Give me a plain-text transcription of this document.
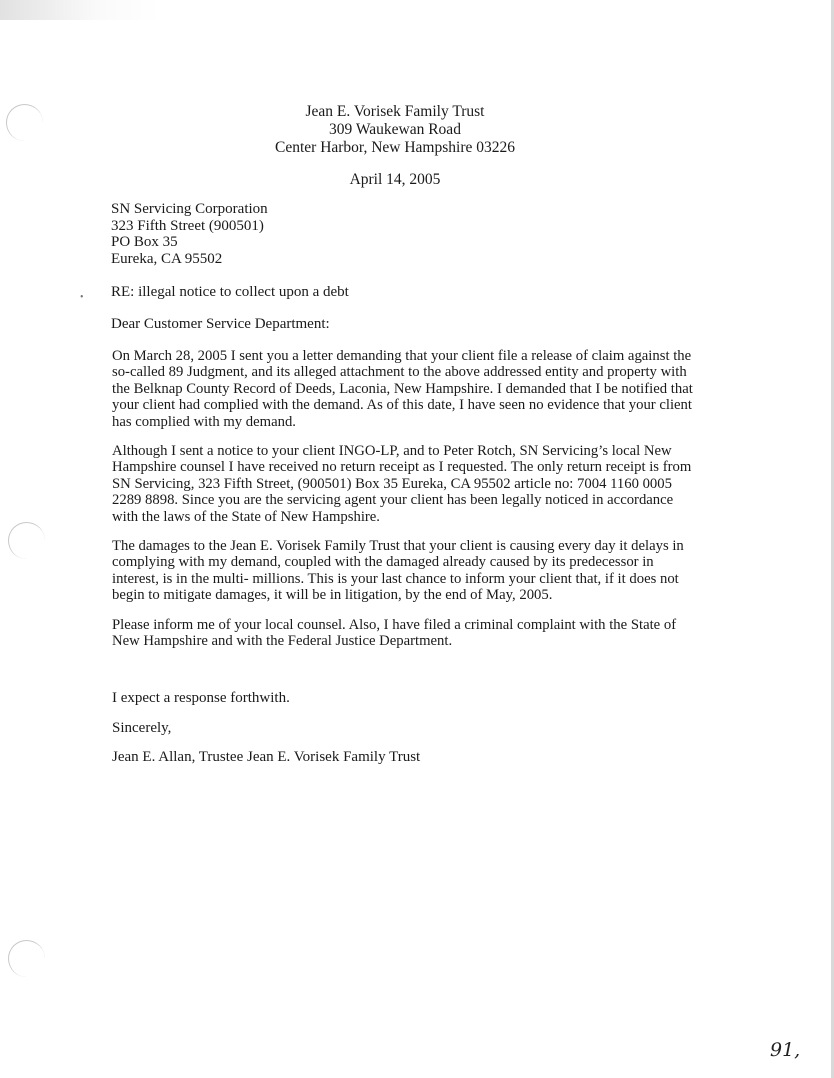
Jean E. Vorisek Family Trust
309 Waukewan Road
Center Harbor, New Hampshire 03226
April 14, 2005
SN Servicing Corporation
323 Fifth Street (900501)
PO Box 35
Eureka, CA 95502
• RE: illegal notice to collect upon a debt
Dear Customer Service Department:

On March 28, 2005 I sent you a letter demanding that your client file a release of claim against the so-called 89 Judgment, and its alleged attachment to the above addressed entity and property with the Belknap County Record of Deeds, Laconia, New Hampshire. I demanded that I be notified that your client had complied with the demand. As of this date, I have seen no evidence that your client has complied with my demand.

Although I sent a notice to your client INGO-LP, and to Peter Rotch, SN Servicing’s local New Hampshire counsel I have received no return receipt as I requested. The only return receipt is from SN Servicing, 323 Fifth Street, (900501) Box 35 Eureka, CA 95502 article no: 7004 1160 0005 2289 8898. Since you are the servicing agent your client has been legally noticed in accordance with the laws of the State of New Hampshire.

The damages to the Jean E. Vorisek Family Trust that your client is causing every day it delays in complying with my demand, coupled with the damaged already caused by its predecessor in interest, is in the multi- millions. This is your last chance to inform your client that, if it does not begin to mitigate damages, it will be in litigation, by the end of May, 2005.

Please inform me of your local counsel. Also, I have filed a criminal complaint with the State of New Hampshire and with the Federal Justice Department.

I expect a response forthwith.

Sincerely,

Jean E. Allan, Trustee Jean E. Vorisek Family Trust

91,
